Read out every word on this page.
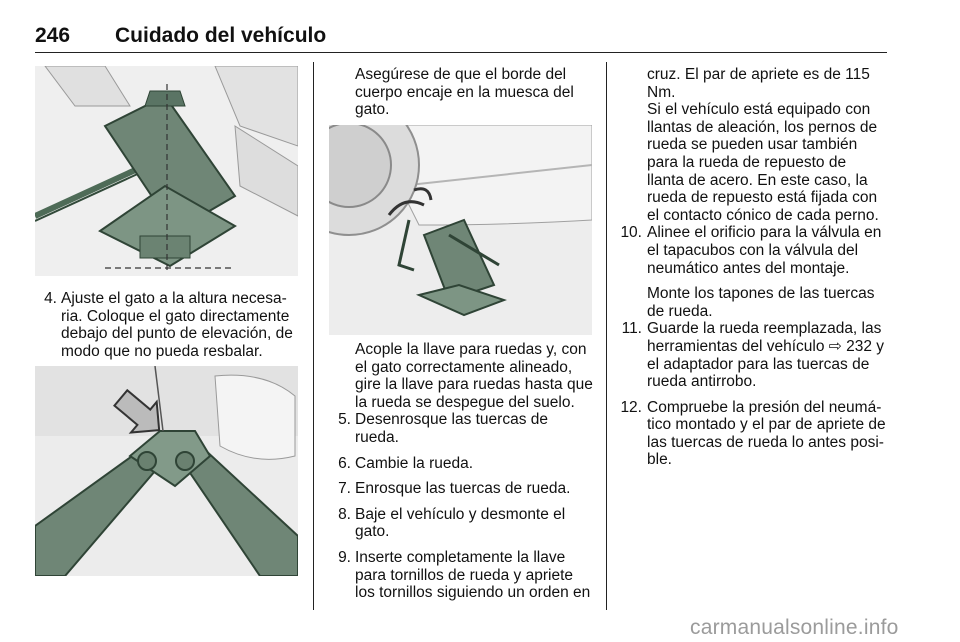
246 Cuidado del vehículo
4. Ajuste el gato a la altura necesaria. Coloque el gato directamente debajo del punto de elevación, de modo que no pueda resbalar.

Asegúrese de que el borde del cuerpo encaje en la muesca del gato.

Acople la llave para ruedas y, con el gato correctamente alineado, gire la llave para ruedas hasta que la rueda se despegue del suelo.

5. Desenrosque las tuercas de rueda.
6. Cambie la rueda.
7. Enrosque las tuercas de rueda.
8. Baje el vehículo y desmonte el gato.
9. Inserte completamente la llave para tornillos de rueda y apriete los tornillos siguiendo un orden en

cruz. El par de apriete es de 115 Nm.

Si el vehículo está equipado con llantas de aleación, los pernos de rueda se pueden usar también para la rueda de repuesto de llanta de acero. En este caso, la rueda de repuesto está fijada con el contacto cónico de cada perno.

10. Alinee el orificio para la válvula en el tapacubos con la válvula del neumático antes del montaje.

Monte los tapones de las tuercas de rueda.

11. Guarde la rueda reemplazada, las herramientas del vehículo ⇨ 232 y el adaptador para las tuercas de rueda antirrobo.
12. Compruebe la presión del neumático montado y el par de apriete de las tuercas de rueda lo antes posible.
carmanualsonline.info
